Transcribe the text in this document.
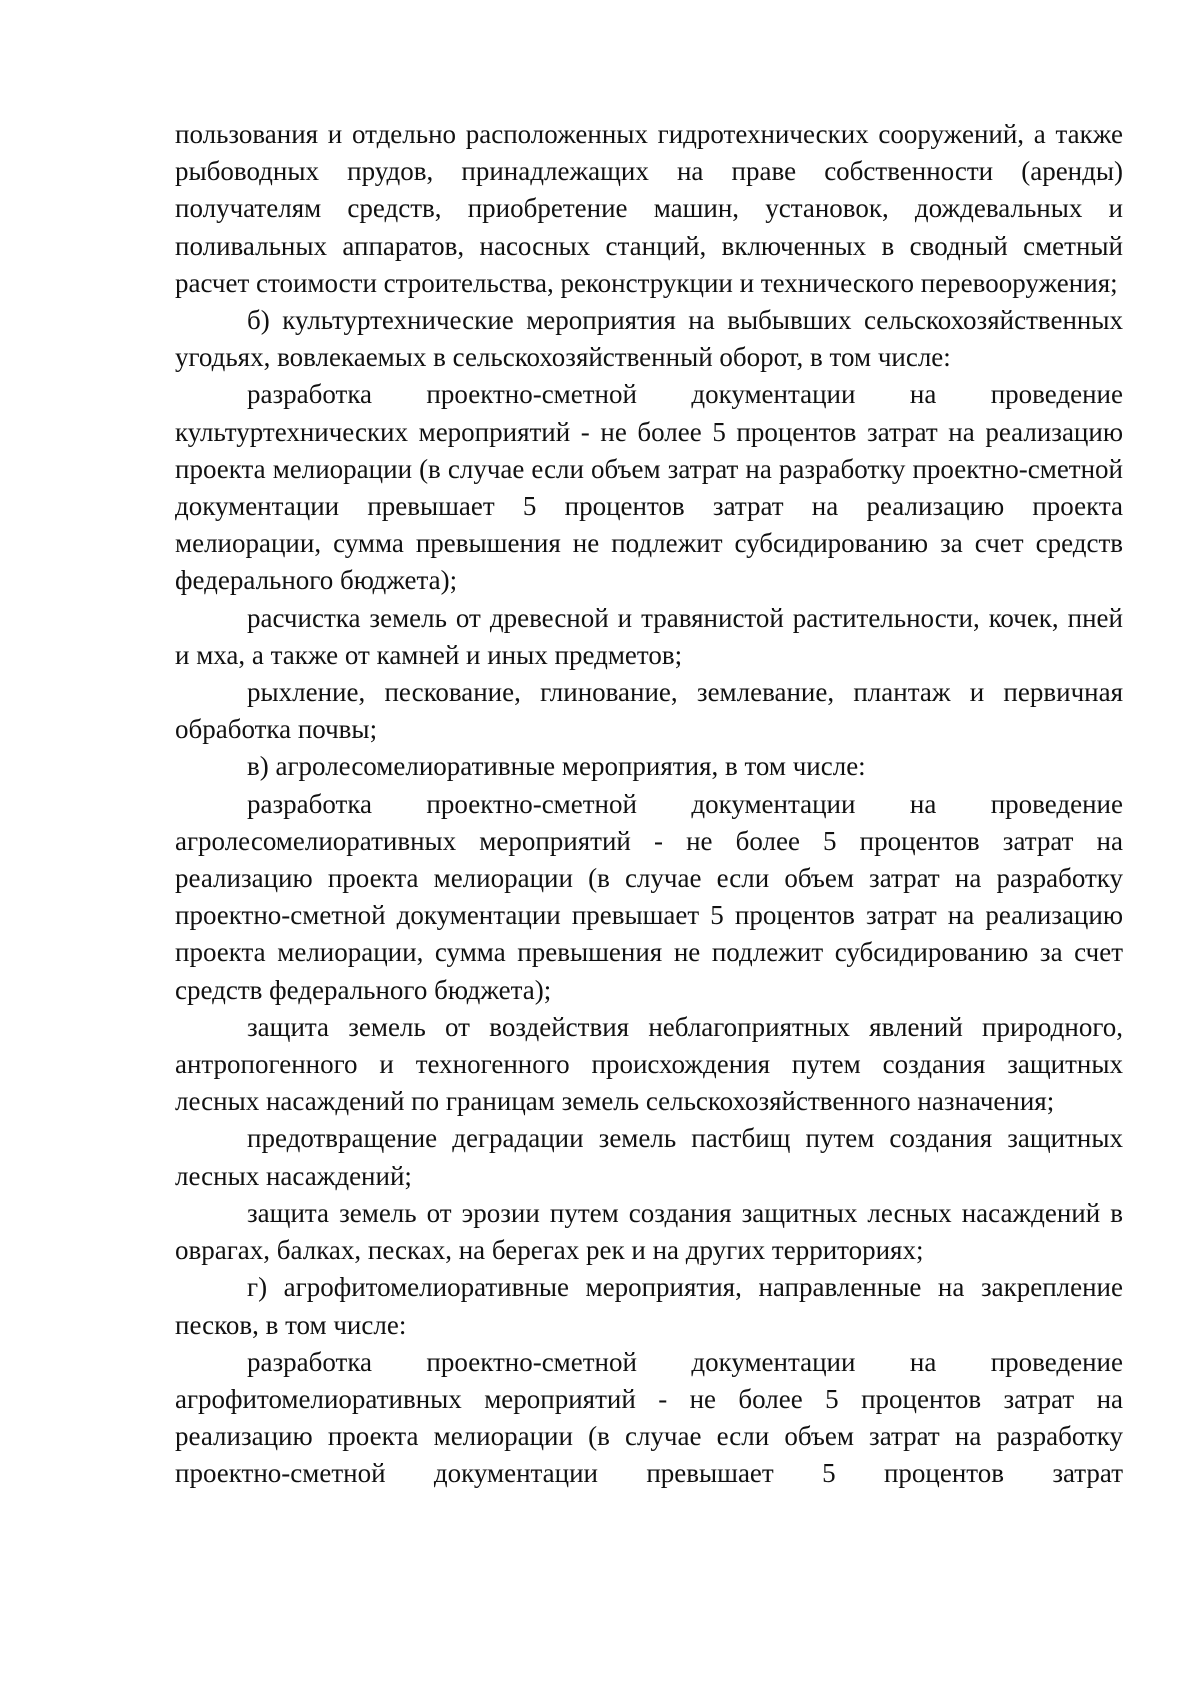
пользования и отдельно расположенных гидротехнических сооружений, а также рыбоводных прудов, принадлежащих на праве собственности (аренды) получателям средств, приобретение машин, установок, дождевальных и поливальных аппаратов, насосных станций, включенных в сводный сметный расчет стоимости строительства, реконструкции и технического перевооружения;

б) культуртехнические мероприятия на выбывших сельскохозяйственных угодьях, вовлекаемых в сельскохозяйственный оборот, в том числе:

разработка проектно-сметной документации на проведение культуртехнических мероприятий - не более 5 процентов затрат на реализацию проекта мелиорации (в случае если объем затрат на разработку проектно-сметной документации превышает 5 процентов затрат на реализацию проекта мелиорации, сумма превышения не подлежит субсидированию за счет средств федерального бюджета);

расчистка земель от древесной и травянистой растительности, кочек, пней и мха, а также от камней и иных предметов;

рыхление, пескование, глинование, землевание, плантаж и первичная обработка почвы;

в) агролесомелиоративные мероприятия, в том числе:

разработка проектно-сметной документации на проведение агролесомелиоративных мероприятий - не более 5 процентов затрат на реализацию проекта мелиорации (в случае если объем затрат на разработку проектно-сметной документации превышает 5 процентов затрат на реализацию проекта мелиорации, сумма превышения не подлежит субсидированию за счет средств федерального бюджета);

защита земель от воздействия неблагоприятных явлений природного, антропогенного и техногенного происхождения путем создания защитных лесных насаждений по границам земель сельскохозяйственного назначения;

предотвращение деградации земель пастбищ путем создания защитных лесных насаждений;

защита земель от эрозии путем создания защитных лесных насаждений в оврагах, балках, песках, на берегах рек и на других территориях;

г) агрофитомелиоративные мероприятия, направленные на закрепление песков, в том числе:

разработка проектно-сметной документации на проведение агрофитомелиоративных мероприятий - не более 5 процентов затрат на реализацию проекта мелиорации (в случае если объем затрат на разработку проектно-сметной документации превышает 5 процентов затрат
